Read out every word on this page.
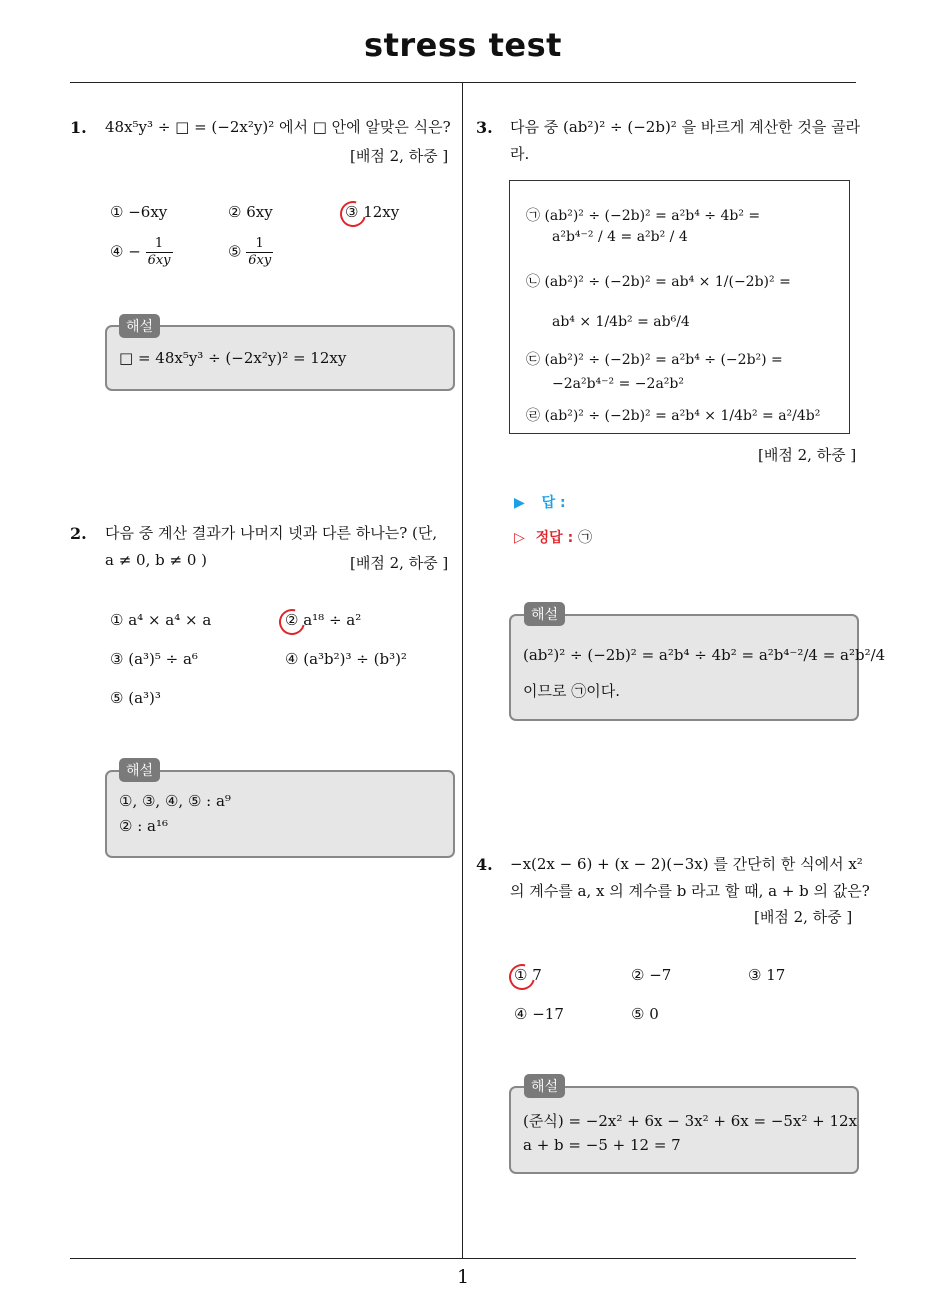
stress test
1
1. 48x⁵y³ ÷ □ = (−2x²y)² 에서 □ 안에 알맞은 식은?
[배점 2, 하중 ]
① −6xy	② 6xy	③ 12xy
④ − $\frac{1}{6xy}$	⑤ $\frac{1}{6xy}$
□ = 48x⁵y³ ÷ (−2x²y)² = 12xy
해설
2. 다음 중 계산 결과가 나머지 넷과 다른 하나는? (단,
a ≠ 0, b ≠ 0 )	[배점 2, 하중 ]
① a⁴ × a⁴ × a	② a¹⁸ ÷ a²
③ (a³)⁵ ÷ a⁶	④ (a³b²)³ ÷ (b³)²
⑤ (a³)³
①, ③, ④, ⑤ : a⁹
② : a¹⁶
해설
3. 다음 중 (ab²)² ÷ (−2b)² 을 바르게 계산한 것을 골라
라.
㉠ (ab²)² ÷ (−2b)² = a²b⁴ ÷ 4b² =
a²b⁴⁻² / 4 = a²b² / 4
㉡ (ab²)² ÷ (−2b)² = ab⁴ × 1/(−2b)² =
ab⁴ × 1/4b² = ab⁶/4
㉢ (ab²)² ÷ (−2b)² = a²b⁴ ÷ (−2b²) =
−2a²b⁴⁻² = −2a²b²
㉣ (ab²)² ÷ (−2b)² = a²b⁴ × 1/4b² = a²/4b²
[배점 2, 하중 ]
▶ 답 :
▷ 정답 : ㉠
(ab²)² ÷ (−2b)² = a²b⁴ ÷ 4b² = a²b⁴⁻²/4 = a²b²/4
이므로 ㉠이다.
해설
4. −x(2x − 6) + (x − 2)(−3x) 를 간단히 한 식에서 x²
의 계수를 a, x 의 계수를 b 라고 할 때, a + b 의 값은?
[배점 2, 하중 ]
① 7	② −7	③ 17
④ −17	⑤ 0
(준식) = −2x² + 6x − 3x² + 6x = −5x² + 12x
a + b = −5 + 12 = 7
해설
